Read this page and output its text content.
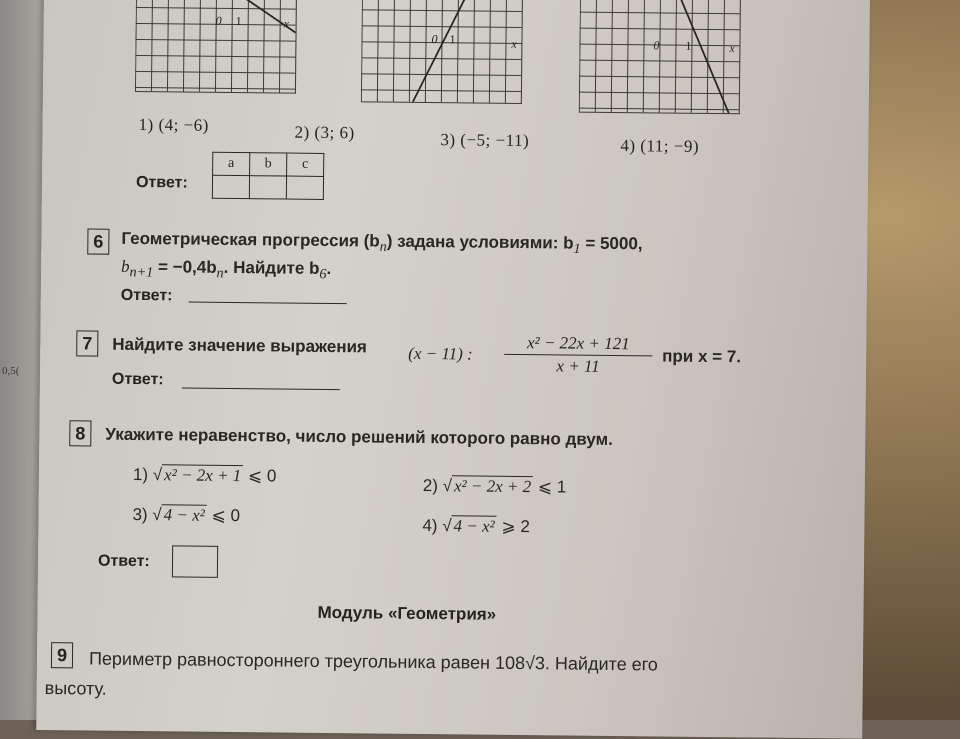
0,5(
0 1	x
0 1	x	0 1	x
1) (4; −6)	2) (3; 6)	3) (−5; −11)	4) (11; −9)
Ответ:
a	b	c

6	Геометрическая прогрессия $(b_n)$ задана условиями: $b_1 = 5000$,
$b_{n+1} = -0,4b_n$. Найдите $b_6$.
Ответ:
7	Найдите значение выражения (x − 11) :
x² − 22x + 121
x + 11	при x = 7.
Ответ:
8	Укажите неравенство, число решений которого равно двум.
1) √ x² − 2x + 1 ⩽ 0
2) √ x² − 2x + 2 ⩽ 1
3) √ 4 − x² ⩽ 0
4) √ 4 − x² ⩾ 2
Ответ:
Модуль «Геометрия»
9	Периметр равностороннего треугольника равен 108√3. Найдите его
высоту.
